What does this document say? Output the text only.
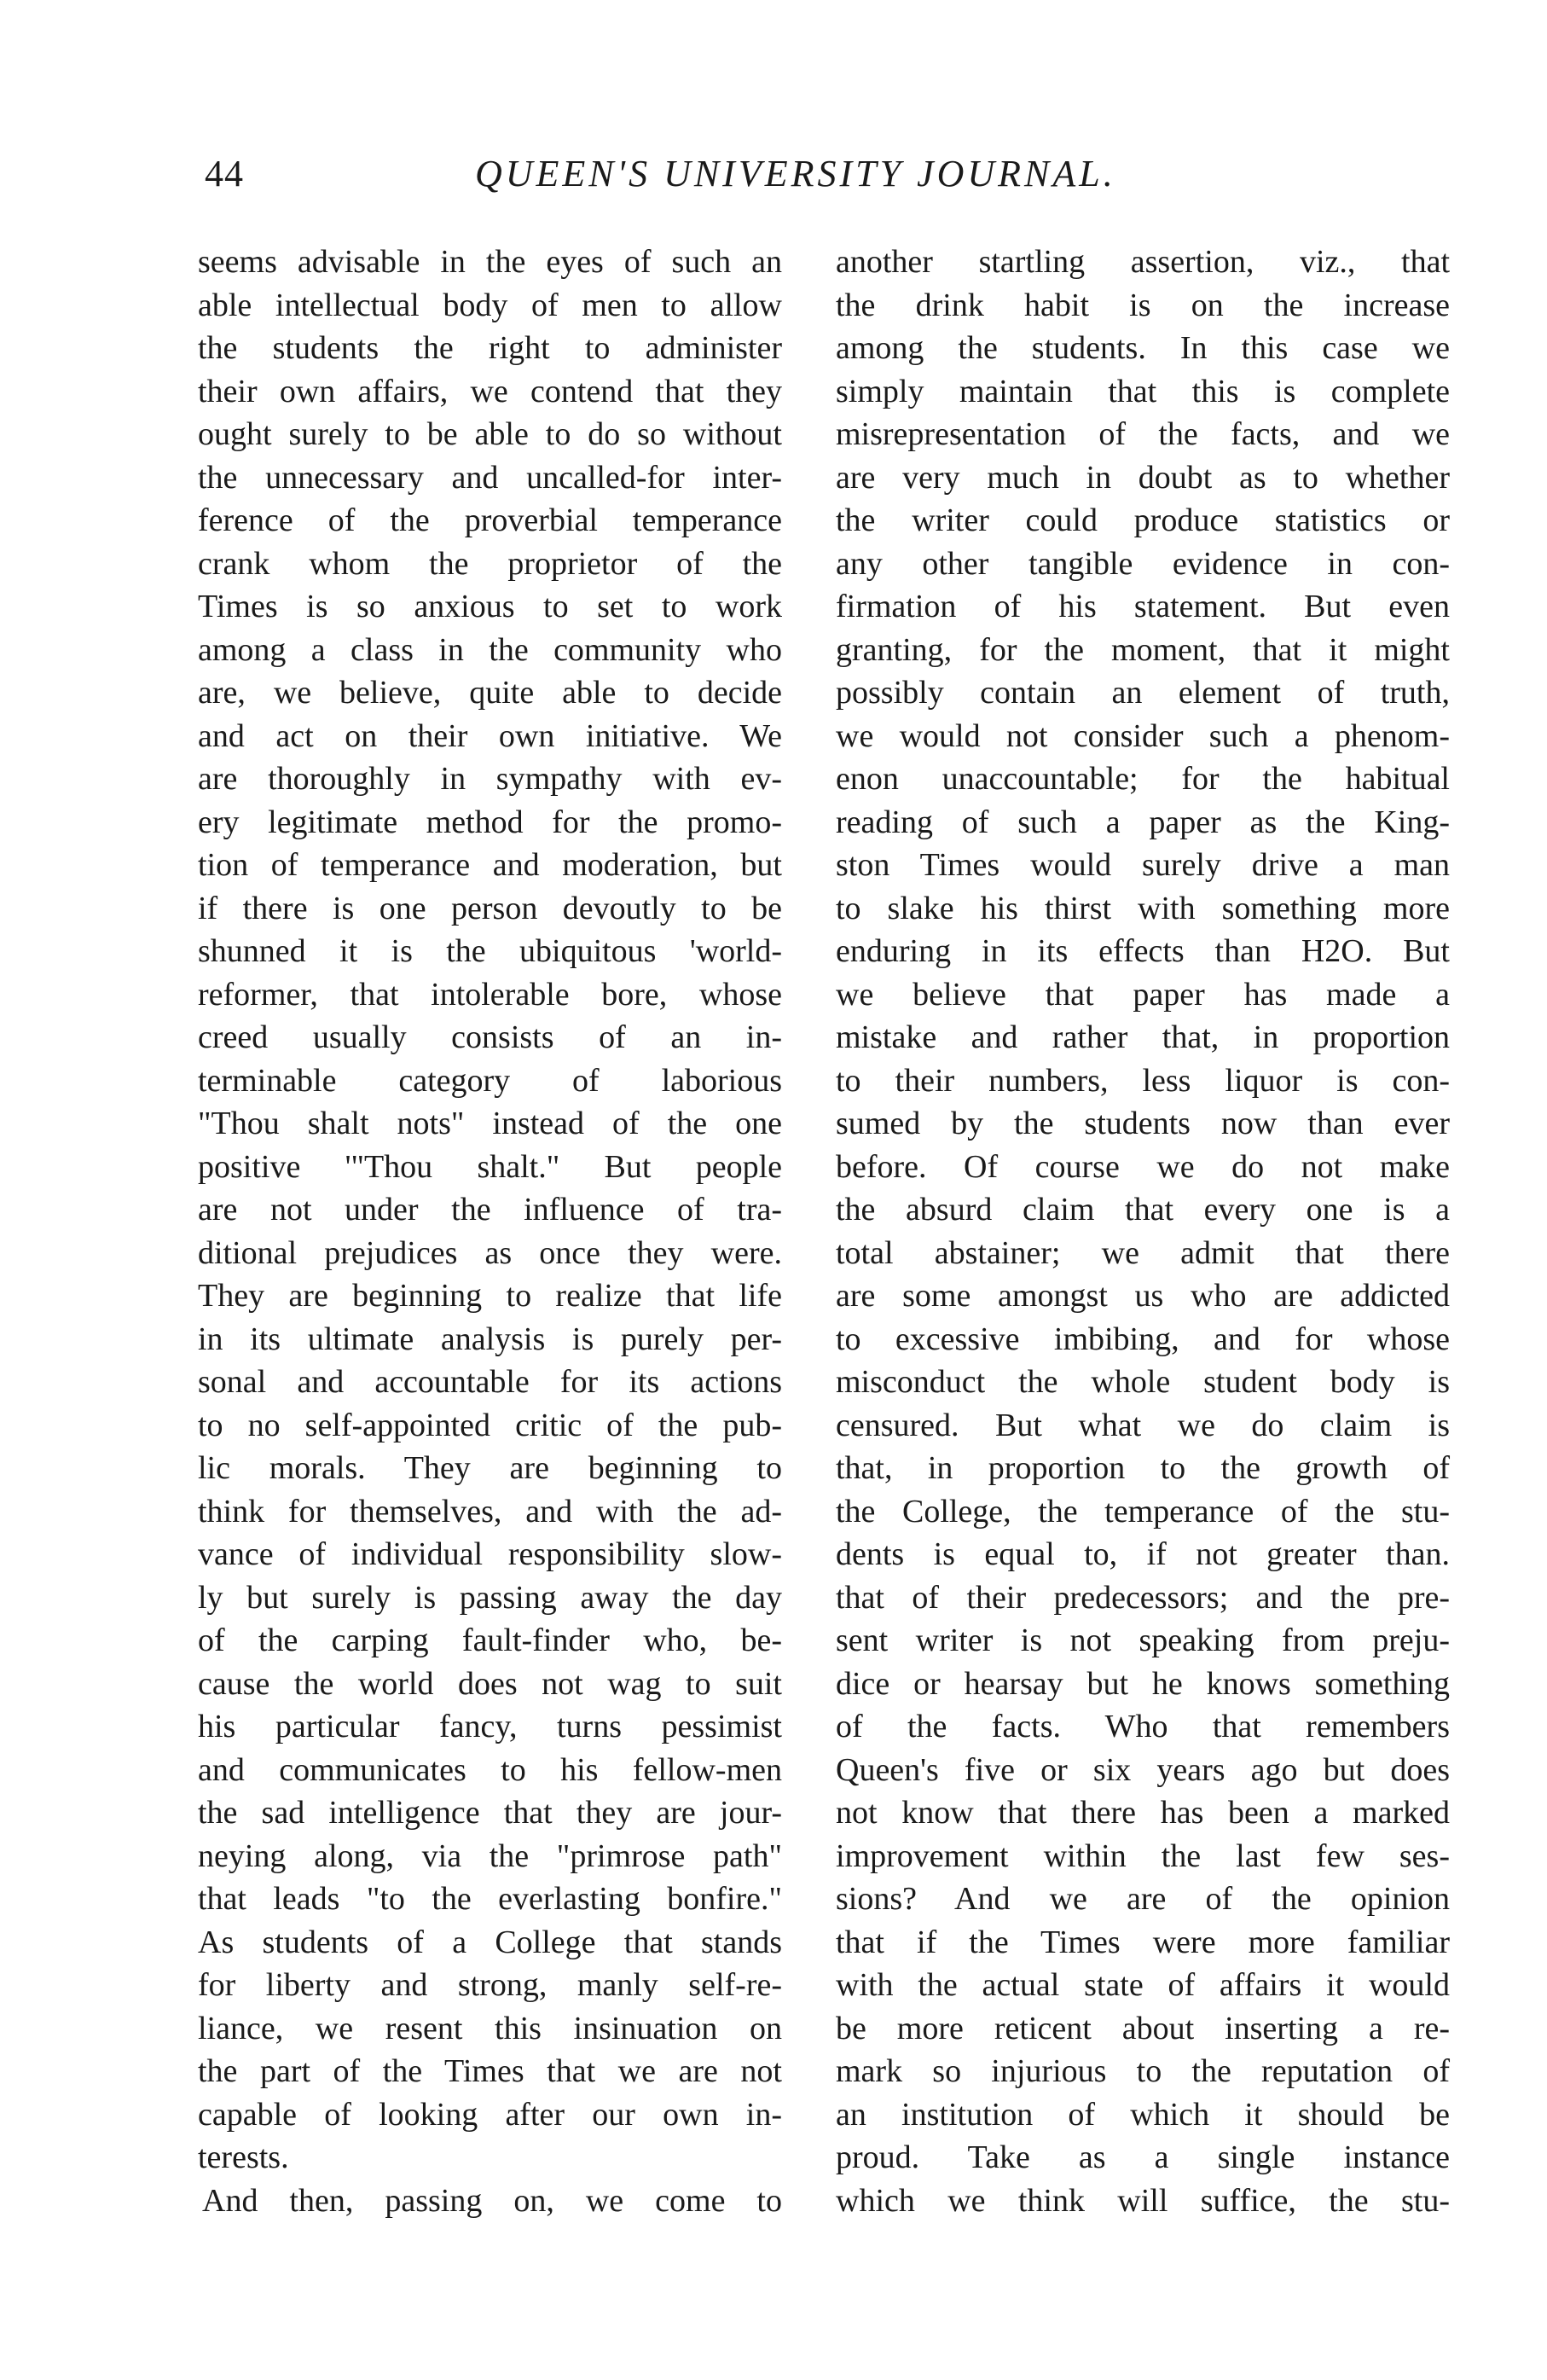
44	QUEEN'S UNIVERSITY JOURNAL.
seems advisable in the eyes of such an
able intellectual body of men to allow
the students the right to administer
their own affairs, we contend that they
ought surely to be able to do so without
the unnecessary and uncalled-for inter-
ference of the proverbial temperance
crank whom the proprietor of the
Times is so anxious to set to work
among a class in the community who
are, we believe, quite able to decide
and act on their own initiative. We
are thoroughly in sympathy with ev-
ery legitimate method for the promo-
tion of temperance and moderation, but
if there is one person devoutly to be
shunned it is the ubiquitous 'world-
reformer, that intolerable bore, whose
creed usually consists of an in-
terminable category of laborious
"Thou shalt nots" instead of the one
positive '"Thou shalt." But people
are not under the influence of tra-
ditional prejudices as once they were.
They are beginning to realize that life
in its ultimate analysis is purely per-
sonal and accountable for its actions
to no self-appointed critic of the pub-
lic morals. They are beginning to
think for themselves, and with the ad-
vance of individual responsibility slow-
ly but surely is passing away the day
of the carping fault-finder who, be-
cause the world does not wag to suit
his particular fancy, turns pessimist
and communicates to his fellow-men
the sad intelligence that they are jour-
neying along, via the "primrose path"
that leads "to the everlasting bonfire."
As students of a College that stands
for liberty and strong, manly self-re-
liance, we resent this insinuation on
the part of the Times that we are not
capable of looking after our own in-
terests.
And then, passing on, we come to
another startling assertion, viz., that
the drink habit is on the increase
among the students. In this case we
simply maintain that this is complete
misrepresentation of the facts, and we
are very much in doubt as to whether
the writer could produce statistics or
any other tangible evidence in con-
firmation of his statement. But even
granting, for the moment, that it might
possibly contain an element of truth,
we would not consider such a phenom-
enon unaccountable; for the habitual
reading of such a paper as the King-
ston Times would surely drive a man
to slake his thirst with something more
enduring in its effects than H2O. But
we believe that paper has made a
mistake and rather that, in proportion
to their numbers, less liquor is con-
sumed by the students now than ever
before. Of course we do not make
the absurd claim that every one is a
total abstainer; we admit that there
are some amongst us who are addicted
to excessive imbibing, and for whose
misconduct the whole student body is
censured. But what we do claim is
that, in proportion to the growth of
the College, the temperance of the stu-
dents is equal to, if not greater than.
that of their predecessors; and the pre-
sent writer is not speaking from preju-
dice or hearsay but he knows something
of the facts. Who that remembers
Queen's five or six years ago but does
not know that there has been a marked
improvement within the last few ses-
sions? And we are of the opinion
that if the Times were more familiar
with the actual state of affairs it would
be more reticent about inserting a re-
mark so injurious to the reputation of
an institution of which it should be
proud. Take as a single instance
which we think will suffice, the stu-
